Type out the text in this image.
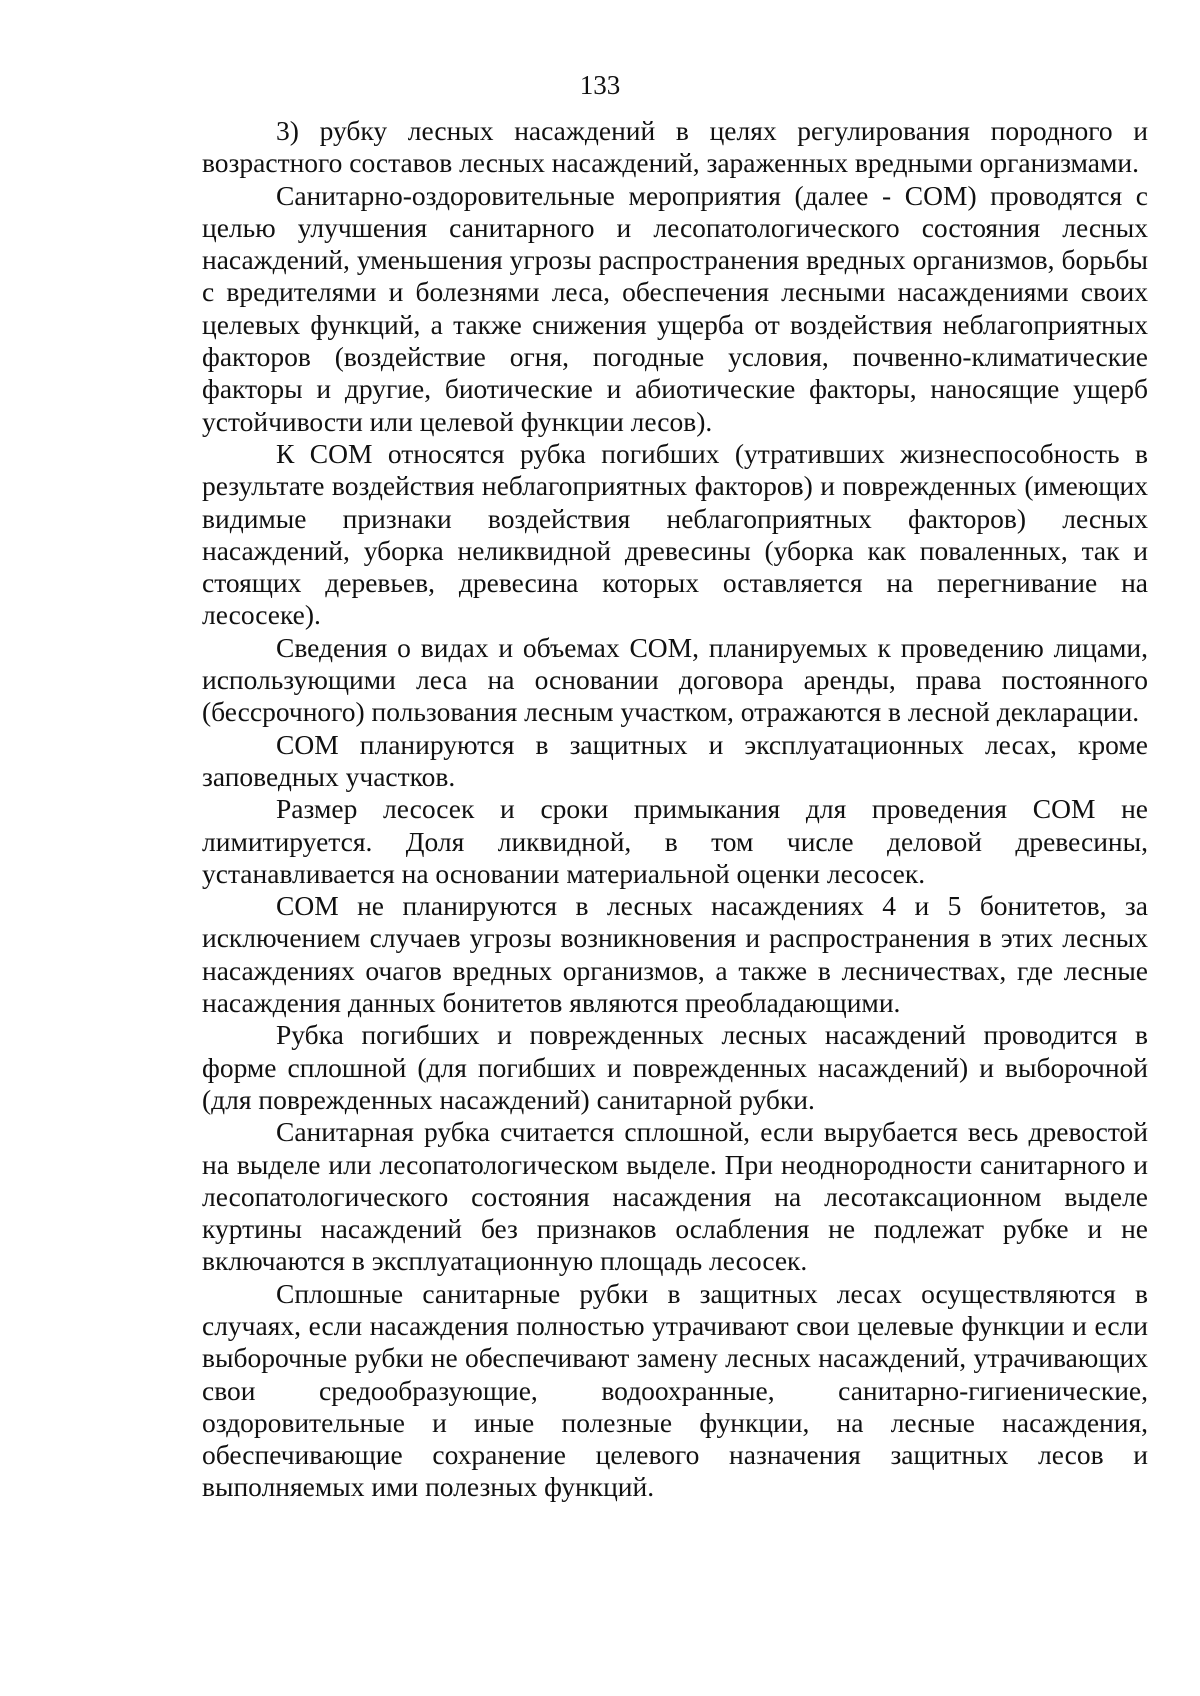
133

3) рубку лесных насаждений в целях регулирования породного и возрастного составов лесных насаждений, зараженных вредными организмами.

Санитарно-оздоровительные мероприятия (далее - СОМ) проводятся с целью улучшения санитарного и лесопатологического состояния лесных насаждений, уменьшения угрозы распространения вредных организмов, борьбы с вредителями и болезнями леса, обеспечения лесными насаждениями своих целевых функций, а также снижения ущерба от воздействия неблагоприятных факторов (воздействие огня, погодные условия, почвенно-климатические факторы и другие, биотические и абиотические факторы, наносящие ущерб устойчивости или целевой функции лесов).

К СОМ относятся рубка погибших (утративших жизнеспособность в результате воздействия неблагоприятных факторов) и поврежденных (имеющих видимые признаки воздействия неблагоприятных факторов) лесных насаждений, уборка неликвидной древесины (уборка как поваленных, так и стоящих деревьев, древесина которых оставляется на перегнивание на лесосеке).

Сведения о видах и объемах СОМ, планируемых к проведению лицами, использующими леса на основании договора аренды, права постоянного (бессрочного) пользования лесным участком, отражаются в лесной декларации.

СОМ планируются в защитных и эксплуатационных лесах, кроме заповедных участков.

Размер лесосек и сроки примыкания для проведения СОМ не лимитируется. Доля ликвидной, в том числе деловой древесины, устанавливается на основании материальной оценки лесосек.

СОМ не планируются в лесных насаждениях 4 и 5 бонитетов, за исключением случаев угрозы возникновения и распространения в этих лесных насаждениях очагов вредных организмов, а также в лесничествах, где лесные насаждения данных бонитетов являются преобладающими.

Рубка погибших и поврежденных лесных насаждений проводится в форме сплошной (для погибших и поврежденных насаждений) и выборочной (для поврежденных насаждений) санитарной рубки.

Санитарная рубка считается сплошной, если вырубается весь древостой на выделе или лесопатологическом выделе. При неоднородности санитарного и лесопатологического состояния насаждения на лесотаксационном выделе куртины насаждений без признаков ослабления не подлежат рубке и не включаются в эксплуатационную площадь лесосек.

Сплошные санитарные рубки в защитных лесах осуществляются в случаях, если насаждения полностью утрачивают свои целевые функции и если выборочные рубки не обеспечивают замену лесных насаждений, утрачивающих свои средообразующие, водоохранные, санитарно-гигиенические, оздоровительные и иные полезные функции, на лесные насаждения, обеспечивающие сохранение целевого назначения защитных лесов и выполняемых ими полезных функций.
